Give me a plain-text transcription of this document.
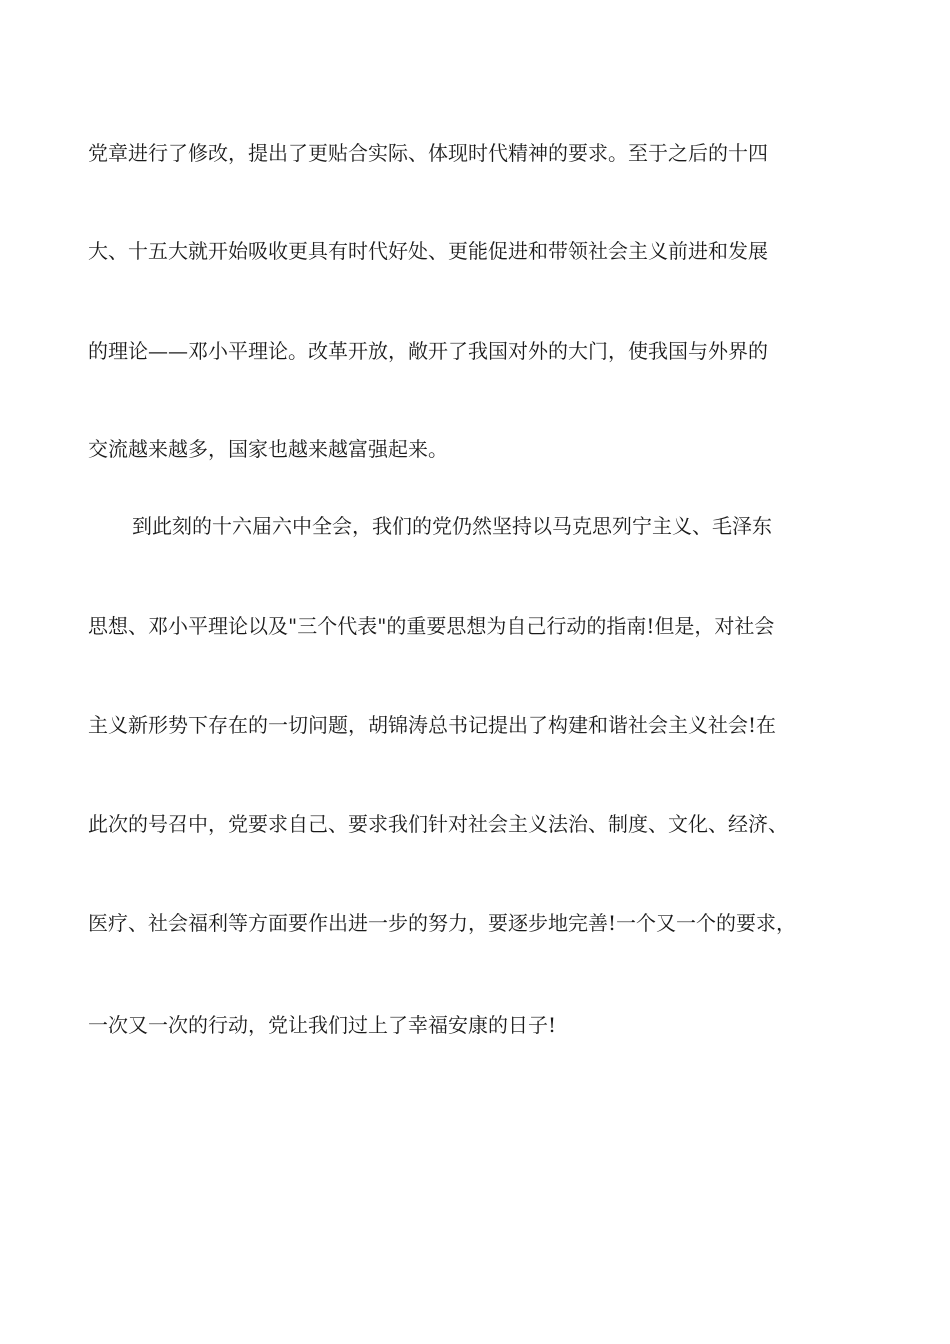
党章进行了修改，提出了更贴合实际、体现时代精神的要求。至于之后的十四
大、十五大就开始吸收更具有时代好处、更能促进和带领社会主义前进和发展
的理论——邓小平理论。改革开放，敞开了我国对外的大门，使我国与外界的
交流越来越多，国家也越来越富强起来。
到此刻的十六届六中全会，我们的党仍然坚持以马克思列宁主义、毛泽东
思想、邓小平理论以及"三个代表"的重要思想为自己行动的指南!但是，对社会
主义新形势下存在的一切问题，胡锦涛总书记提出了构建和谐社会主义社会!在
此次的号召中，党要求自己、要求我们针对社会主义法治、制度、文化、经济、
医疗、社会福利等方面要作出进一步的努力，要逐步地完善!一个又一个的要求，
一次又一次的行动，党让我们过上了幸福安康的日子!
